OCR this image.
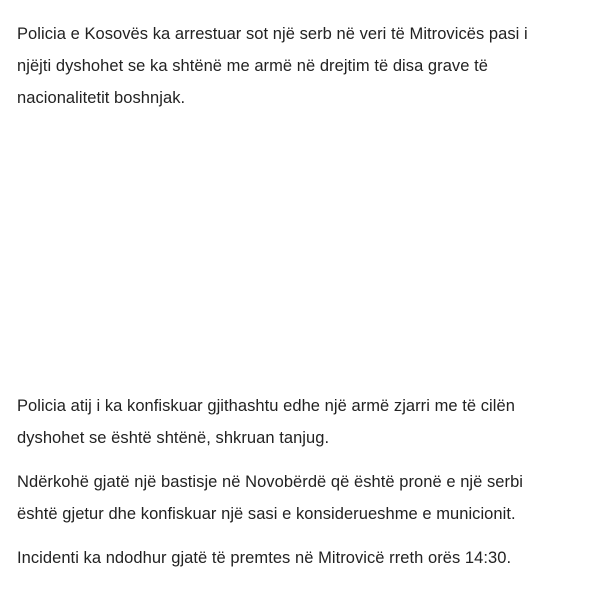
Policia e Kosovës ka arrestuar sot një serb në veri të Mitrovicës pasi i
njëjti dyshohet se ka shtënë me armë në drejtim të disa grave të
nacionalitetit boshnjak.

Policia atij i ka konfiskuar gjithashtu edhe një armë zjarri me të cilën
dyshohet se është shtënë, shkruan tanjug.

Ndërkohë gjatë një bastisje në Novobërdë që është pronë e një serbi
është gjetur dhe konfiskuar një sasi e konsiderueshme e municionit.

Incidenti ka ndodhur gjatë të premtes në Mitrovicë rreth orës 14:30.
